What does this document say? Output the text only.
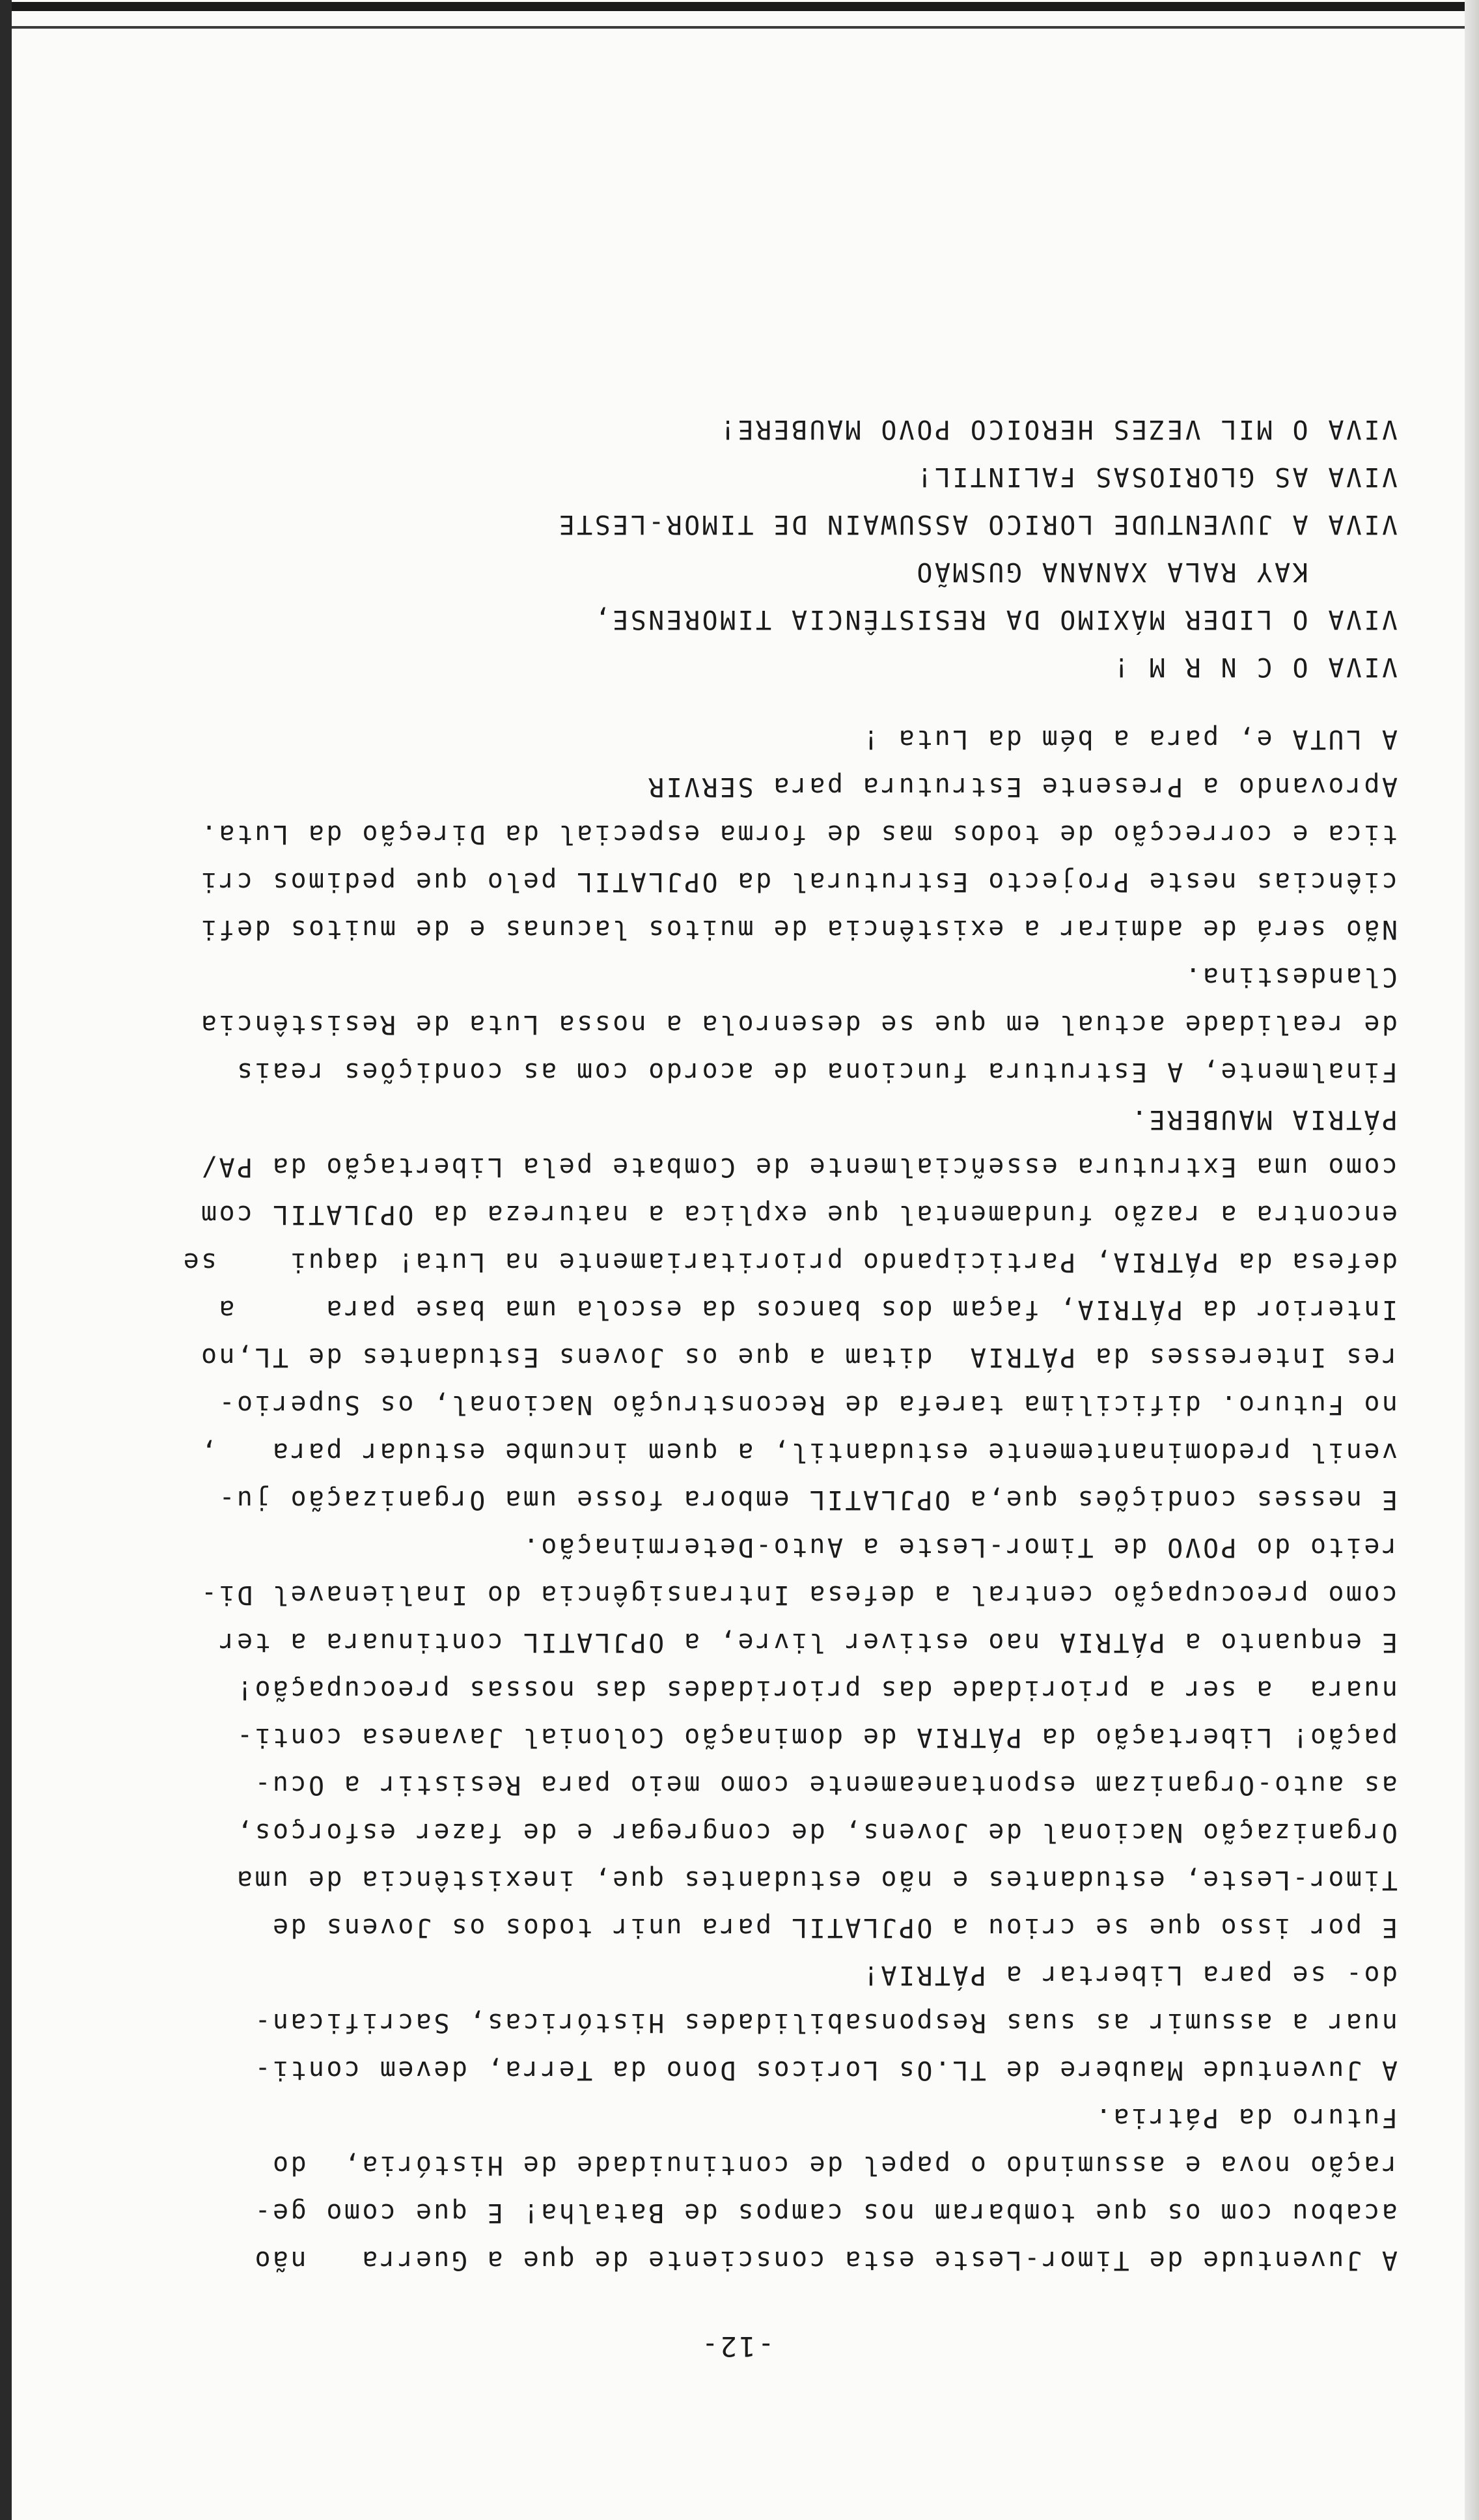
-12-
A Juventude de Timor-Leste esta consciente de que a Guerra   não
acabou com os que tombaram nos campos de Batalha! E que como ge-
ração nova e assumindo o papel de continuidade de História,  do
Futuro da Pátria.
A Juventude Maubere de TL.Os Loricos Dono da Terra, devem conti-
nuar a assumir as suas Responsabilidades Históricas, Sacrifican-
do- se para Libertar a PÁTRIA!
E por isso que se criou a OPJLATIL para unir todos os Jovens de
Timor-Leste, estudantes e não estudantes que, inexistência de uma
Organização Nacional de Jovens, de congregar e de fazer esforços,
as auto-Organizam espontaneamente como meio para Resistir a Ocu-
pação! Libertação da PÁTRIA de dominação Colonial Javanesa conti-
nuara  a ser a prioridade das prioridades das nossas preocupação!
E enquanto a PÁTRIA nao estiver livre, a OPJLATIL continuara a ter
como preocupação central a defesa Intransigência do Inalienavel Di-
reito do POVO de Timor-Leste a Auto-Determinação.
E nesses condições que,a OPJLATIL embora fosse uma Organização ju-
venil predominantemente estudantil, a quem incumbe estudar para   ,
no Futuro. dificilima tarefa de Reconstrução Nacional, os Superio-
res Interesses da PÁTRIA  ditam a que os Jovens Estudantes de TL,no
Interior da PÁTRIA, façam dos bancos da escola uma base para     a
defesa da PÁTRIA, Participando prioritariamente na Luta! daqui    se
encontra a razão fundamental que explica a natureza da OPJLATIL com
como uma Extrutura esseñcialmente de Combate pela Libertação da PA/
PÁTRIA MAUBERE.
Finalmente, A Estrutura funciona de acordo com as condições reais
de realidade actual em que se desenrola a nossa Luta de Resistência
Clandestina.
Não será de admirar a existência de muitos lacunas e de muitos defi
ciências neste Projecto Estrutural da OPJLATIL pelo que pedimos cri
tica e correcção de todos mas de forma especial da Direção da Luta.
Aprovando a Presente Estrutura para SERVIR
A LUTA e, para a bém da Luta !
VIVA O C N R M !
VIVA O LIDER MÁXIMO DA RESISTÊNCIA TIMORENSE,
KAY RALA XANANA GUSMÃO
VIVA A JUVENTUDE LORICO ASSUWAIN DE TIMOR-LESTE
VIVA AS GLORIOSAS FALINTIL!
VIVA O MIL VEZES HEROICO POVO MAUBERE!
